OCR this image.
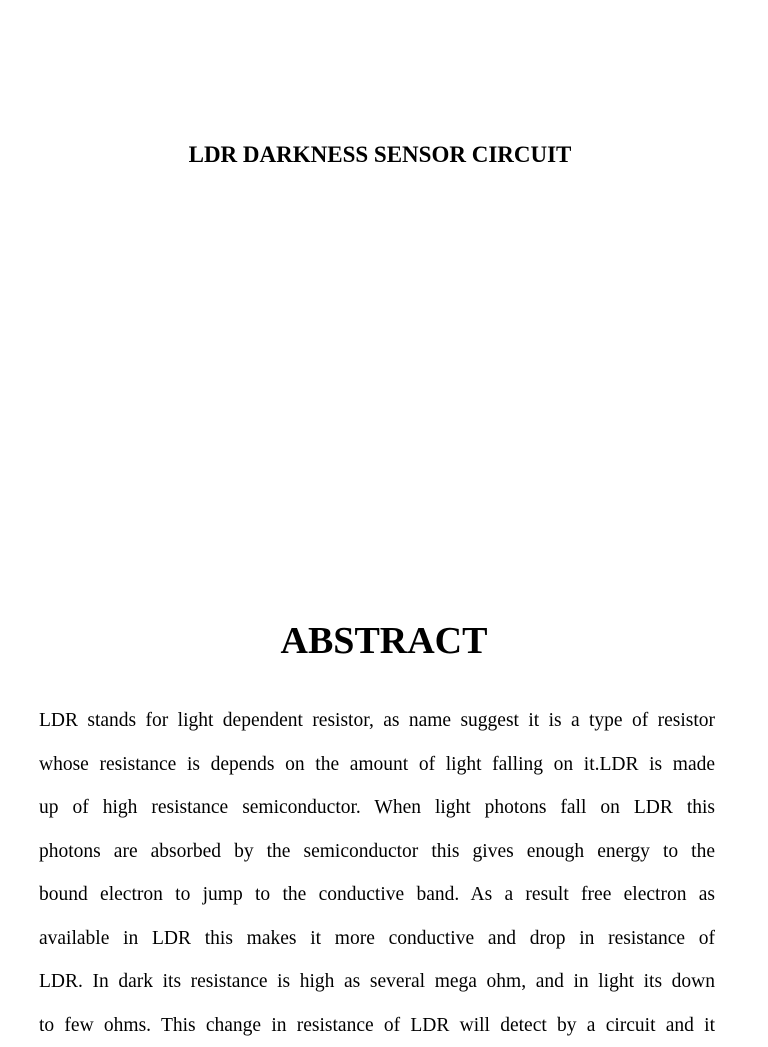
LDR DARKNESS SENSOR CIRCUIT
ABSTRACT

LDR stands for light dependent resistor, as name suggest it is a type of resistor
whose resistance is depends on the amount of light falling on it.LDR is made
up of high resistance semiconductor. When light photons fall on LDR this
photons are absorbed by the semiconductor this gives enough energy to the
bound electron to jump to the conductive band. As a result free electron as
available in LDR this makes it more conductive and drop in resistance of
LDR. In dark its resistance is high as several mega ohm, and in light its down
to few ohms. This change in resistance of LDR will detect by a circuit and it
